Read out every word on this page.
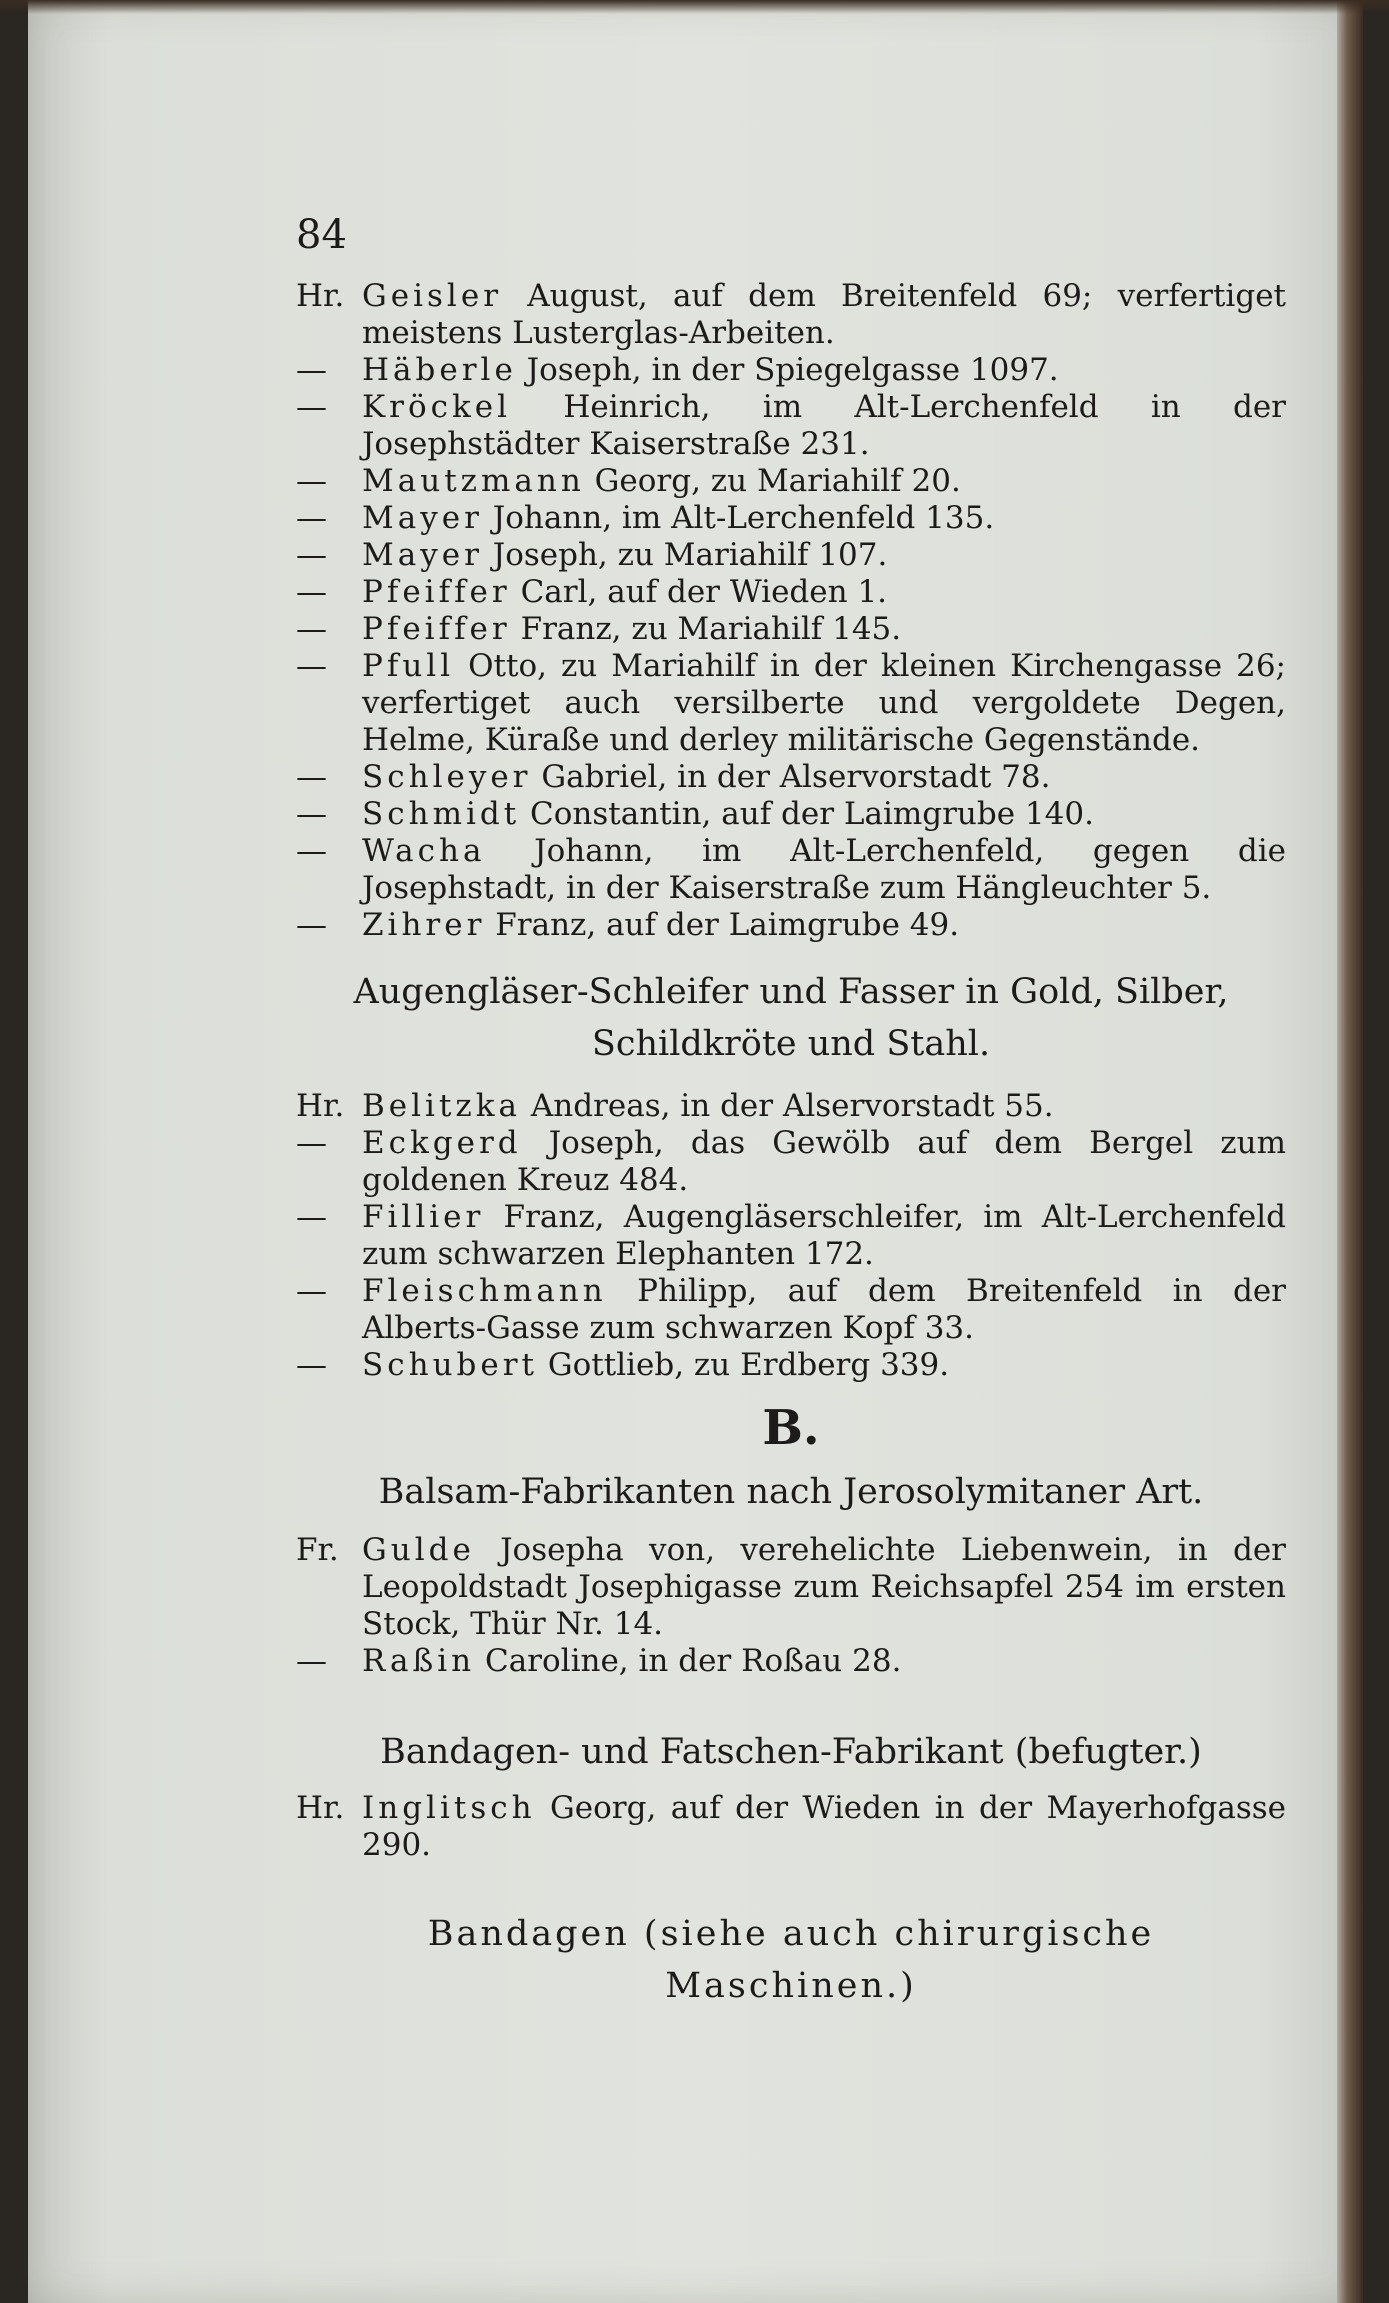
84
Hr. Geisler August, auf dem Breitenfeld 69; verfertiget meistens Lusterglas-Arbeiten.
— Häberle Joseph, in der Spiegelgasse 1097.
— Kröckel Heinrich, im Alt-Lerchenfeld in der Josephstädter Kaiserstraße 231.
— Mautzmann Georg, zu Mariahilf 20.
— Mayer Johann, im Alt-Lerchenfeld 135.
— Mayer Joseph, zu Mariahilf 107.
— Pfeiffer Carl, auf der Wieden 1.
— Pfeiffer Franz, zu Mariahilf 145.
— Pfull Otto, zu Mariahilf in der kleinen Kirchengasse 26; verfertiget auch versilberte und vergoldete Degen, Helme, Küraße und derley militärische Gegenstände.
— Schleyer Gabriel, in der Alservorstadt 78.
— Schmidt Constantin, auf der Laimgrube 140.
— Wacha Johann, im Alt-Lerchenfeld, gegen die Josephstadt, in der Kaiserstraße zum Hängleuchter 5.
— Zihrer Franz, auf der Laimgrube 49.
Augengläser-Schleifer und Fasser in Gold, Silber,
Schildkröte und Stahl.
Hr. Belitzka Andreas, in der Alservorstadt 55.
— Eckgerd Joseph, das Gewölb auf dem Bergel zum goldenen Kreuz 484.
— Fillier Franz, Augengläserschleifer, im Alt-Lerchenfeld zum schwarzen Elephanten 172.
— Fleischmann Philipp, auf dem Breitenfeld in der Alberts-Gasse zum schwarzen Kopf 33.
— Schubert Gottlieb, zu Erdberg 339.
B.
Balsam-Fabrikanten nach Jerosolymitaner Art.
Fr. Gulde Josepha von, verehelichte Liebenwein, in der Leopoldstadt Josephigasse zum Reichsapfel 254 im ersten Stock, Thür Nr. 14.
— Raßin Caroline, in der Roßau 28.
Bandagen- und Fatschen-Fabrikant (befugter.)
Hr. Inglitsch Georg, auf der Wieden in der Mayerhofgasse 290.
Bandagen (siehe auch chirurgische Maschinen.)
